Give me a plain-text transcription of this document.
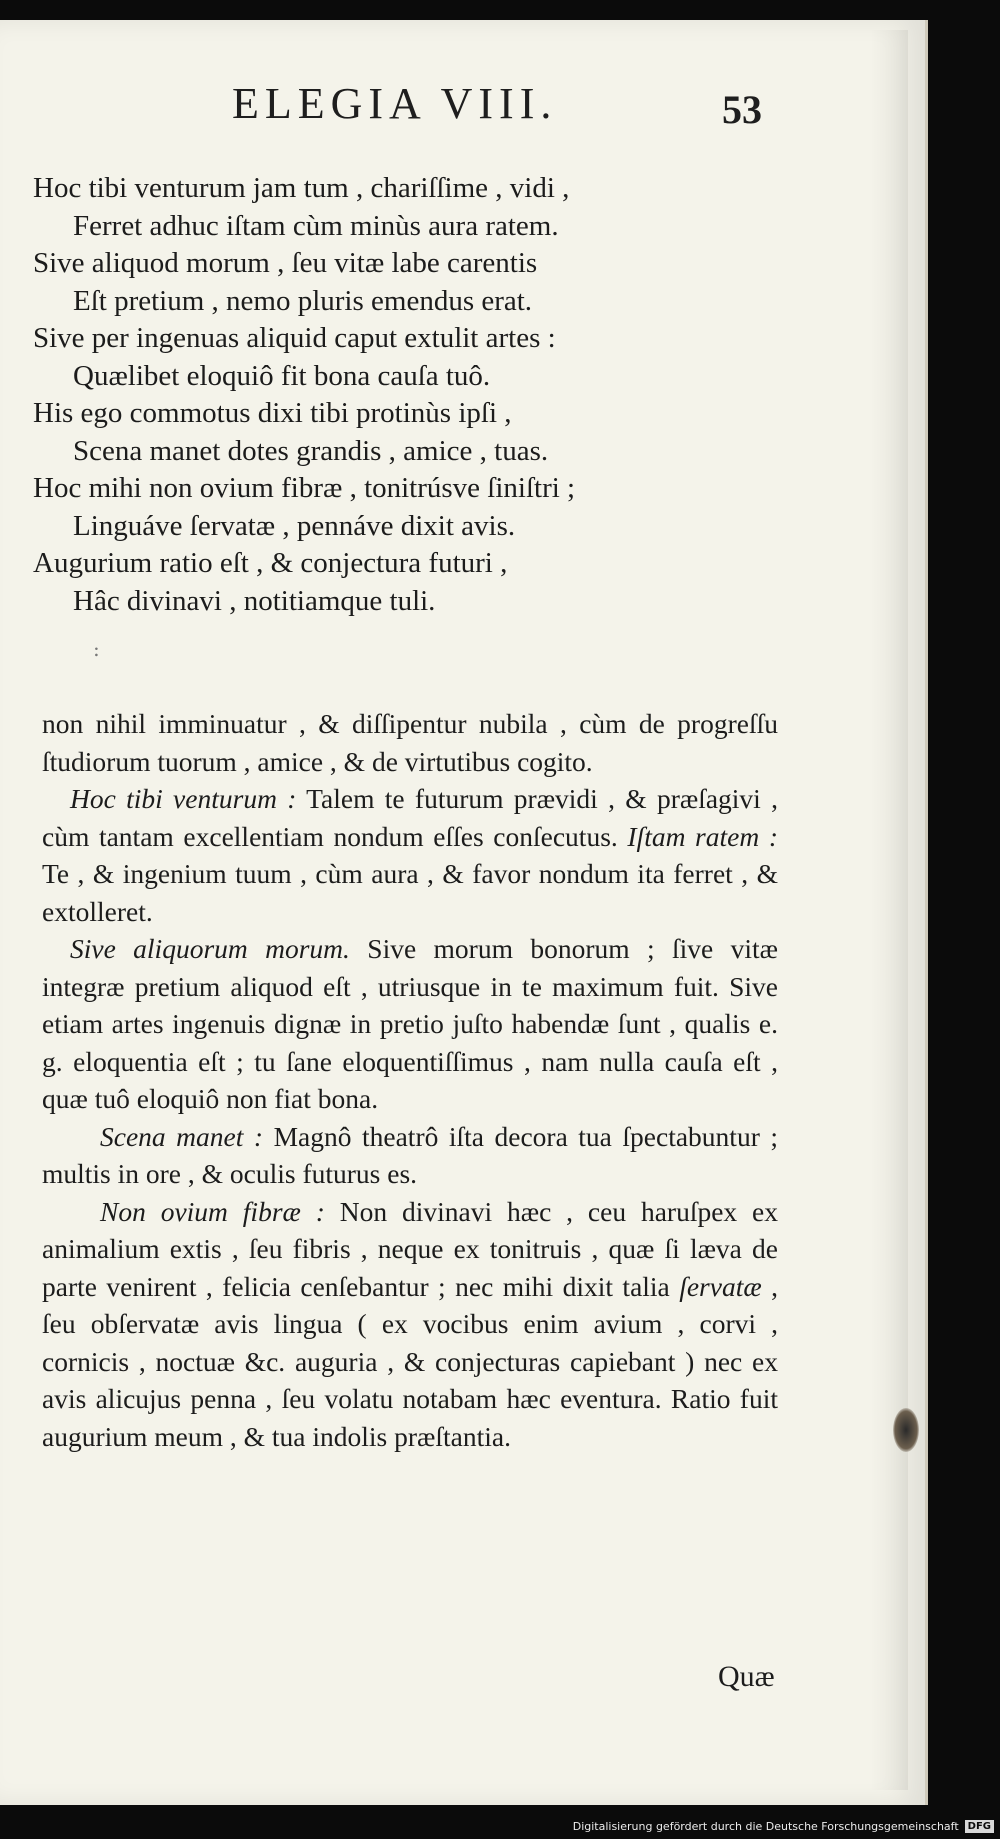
ELEGIA VIII.	53
Hoc tibi venturum jam tum , chariſſime , vidi ,
Ferret adhuc iſtam cùm minùs aura ratem.
Sive aliquod morum , ſeu vitæ labe carentis
Eſt pretium , nemo pluris emendus erat.
Sive per ingenuas aliquid caput extulit artes :
Quælibet eloquiô fit bona cauſa tuô.
His ego commotus dixi tibi protinùs ipſi ,
Scena manet dotes grandis , amice , tuas.
Hoc mihi non ovium fibræ , tonitrúsve ſiniſtri ;
Linguáve ſervatæ , pennáve dixit avis.
Augurium ratio eſt , & conjectura futuri ,
Hâc divinavi , notitiamque tuli.
:

non nihil imminuatur , & diſſipentur nubila , cùm de progreſſu ſtudiorum tuorum , amice , & de virtutibus cogito.

Hoc tibi venturum : Talem te futurum prævidi , & præſagivi , cùm tantam excellentiam nondum eſſes conſecutus. Iſtam ratem : Te , & ingenium tuum , cùm aura , & favor nondum ita ferret , & extolleret.

Sive aliquorum morum. Sive morum bonorum ; ſive vitæ integræ pretium aliquod eſt , utriusque in te maximum fuit. Sive etiam artes ingenuis dignæ in pretio juſto habendæ ſunt , qualis e. g. eloquentia eſt ; tu ſane eloquentiſſimus , nam nulla cauſa eſt , quæ tuô eloquiô non fiat bona.

Scena manet : Magnô theatrô iſta decora tua ſpectabuntur ; multis in ore , & oculis futurus es.

Non ovium fibræ : Non divinavi hæc , ceu haruſpex ex animalium extis , ſeu fibris , neque ex tonitruis , quæ ſi læva de parte venirent , felicia cenſebantur ; nec mihi dixit talia ſervatæ , ſeu obſervatæ avis lingua ( ex vocibus enim avium , corvi , cornicis , noctuæ &c. auguria , & conjecturas capiebant ) nec ex avis alicujus penna , ſeu volatu notabam hæc eventura. Ratio fuit augurium meum , & tua indolis præſtantia.

Quæ
Digitalisierung gefördert durch die Deutsche Forschungsgemeinschaft DFG
